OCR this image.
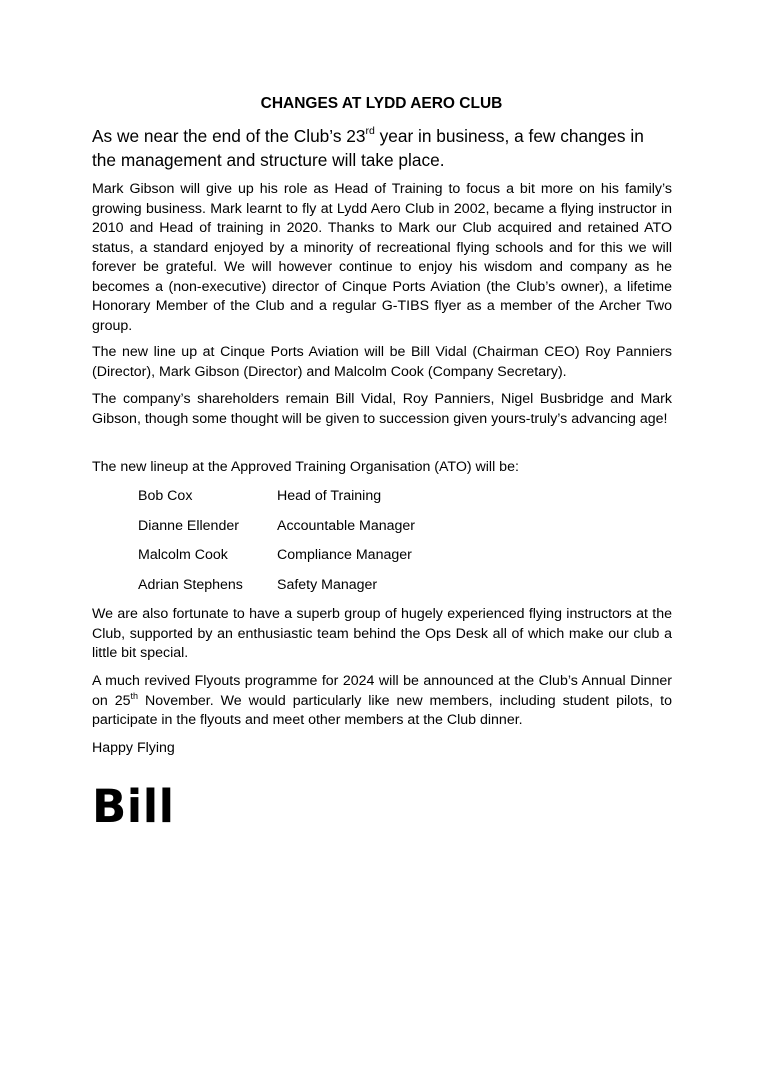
CHANGES AT LYDD AERO CLUB
As we near the end of the Club’s 23rd year in business, a few changes in the management and structure will take place.

Mark Gibson will give up his role as Head of Training to focus a bit more on his family’s growing business. Mark learnt to fly at Lydd Aero Club in 2002, became a flying instructor in 2010 and Head of training in 2020. Thanks to Mark our Club acquired and retained ATO status, a standard enjoyed by a minority of recreational flying schools and for this we will forever be grateful. We will however continue to enjoy his wisdom and company as he becomes a (non-executive) director of Cinque Ports Aviation (the Club’s owner), a lifetime Honorary Member of the Club and a regular G-TIBS flyer as a member of the Archer Two group.

The new line up at Cinque Ports Aviation will be Bill Vidal (Chairman CEO) Roy Panniers (Director), Mark Gibson (Director) and Malcolm Cook (Company Secretary).

The company’s shareholders remain Bill Vidal, Roy Panniers, Nigel Busbridge and Mark Gibson, though some thought will be given to succession given yours-truly’s advancing age!

The new lineup at the Approved Training Organisation (ATO) will be:

Bob Cox	Head of Training
Dianne Ellender	Accountable Manager
Malcolm Cook	Compliance Manager
Adrian Stephens Safety Manager

We are also fortunate to have a superb group of hugely experienced flying instructors at the Club, supported by an enthusiastic team behind the Ops Desk all of which make our club a little bit special.

A much revived Flyouts programme for 2024 will be announced at the Club’s Annual Dinner on 25th November. We would particularly like new members, including student pilots, to participate in the flyouts and meet other members at the Club dinner.

Happy Flying

Bill
